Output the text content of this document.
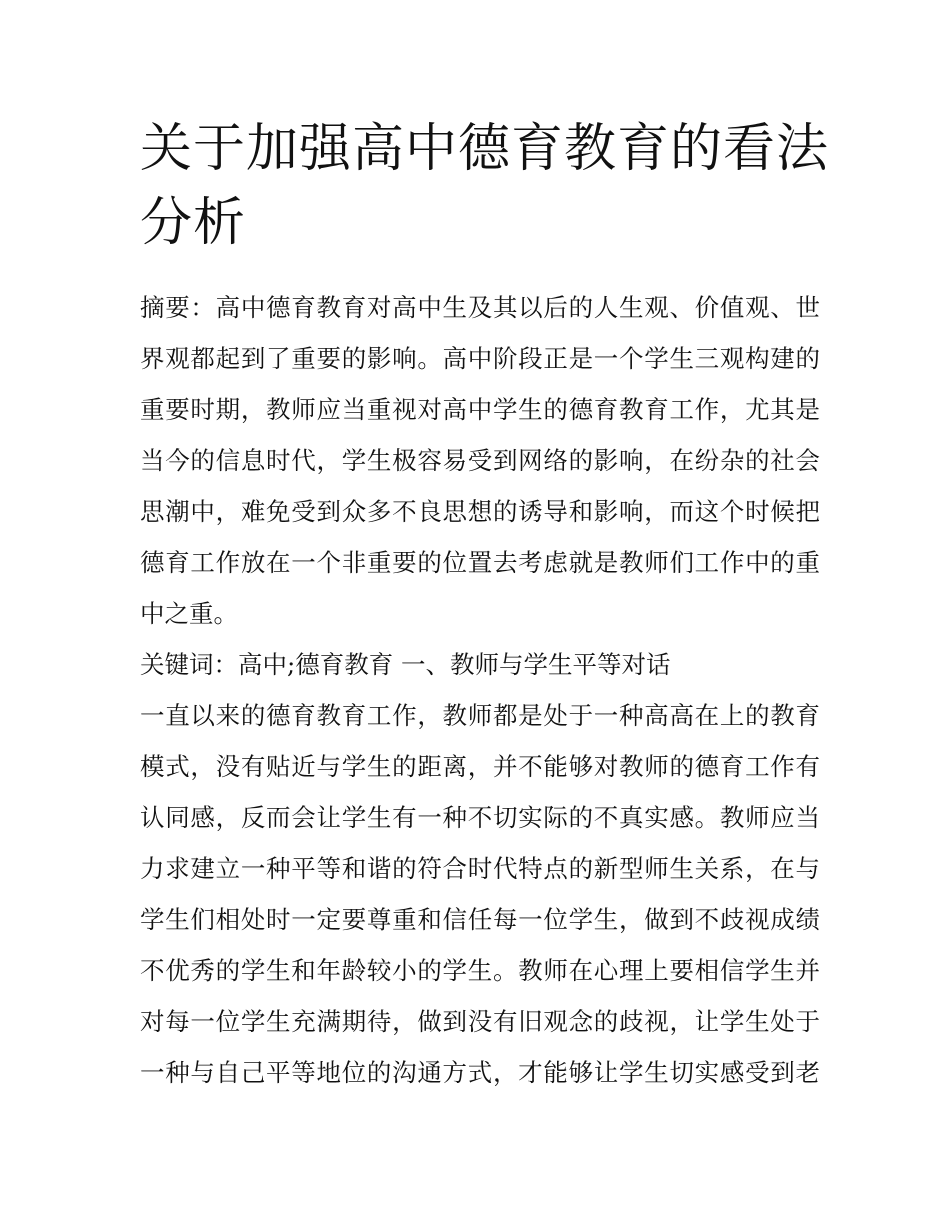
关于加强高中德育教育的看法
分析
摘要：高中德育教育对高中生及其以后的人生观、价值观、世
界观都起到了重要的影响。高中阶段正是一个学生三观构建的
重要时期，教师应当重视对高中学生的德育教育工作，尤其是
当今的信息时代，学生极容易受到网络的影响，在纷杂的社会
思潮中，难免受到众多不良思想的诱导和影响，而这个时候把
德育工作放在一个非重要的位置去考虑就是教师们工作中的重
中之重。
关键词：高中;德育教育 一、教师与学生平等对话
一直以来的德育教育工作，教师都是处于一种高高在上的教育
模式，没有贴近与学生的距离，并不能够对教师的德育工作有
认同感，反而会让学生有一种不切实际的不真实感。教师应当
力求建立一种平等和谐的符合时代特点的新型师生关系，在与
学生们相处时一定要尊重和信任每一位学生，做到不歧视成绩
不优秀的学生和年龄较小的学生。教师在心理上要相信学生并
对每一位学生充满期待，做到没有旧观念的歧视，让学生处于
一种与自己平等地位的沟通方式，才能够让学生切实感受到老
